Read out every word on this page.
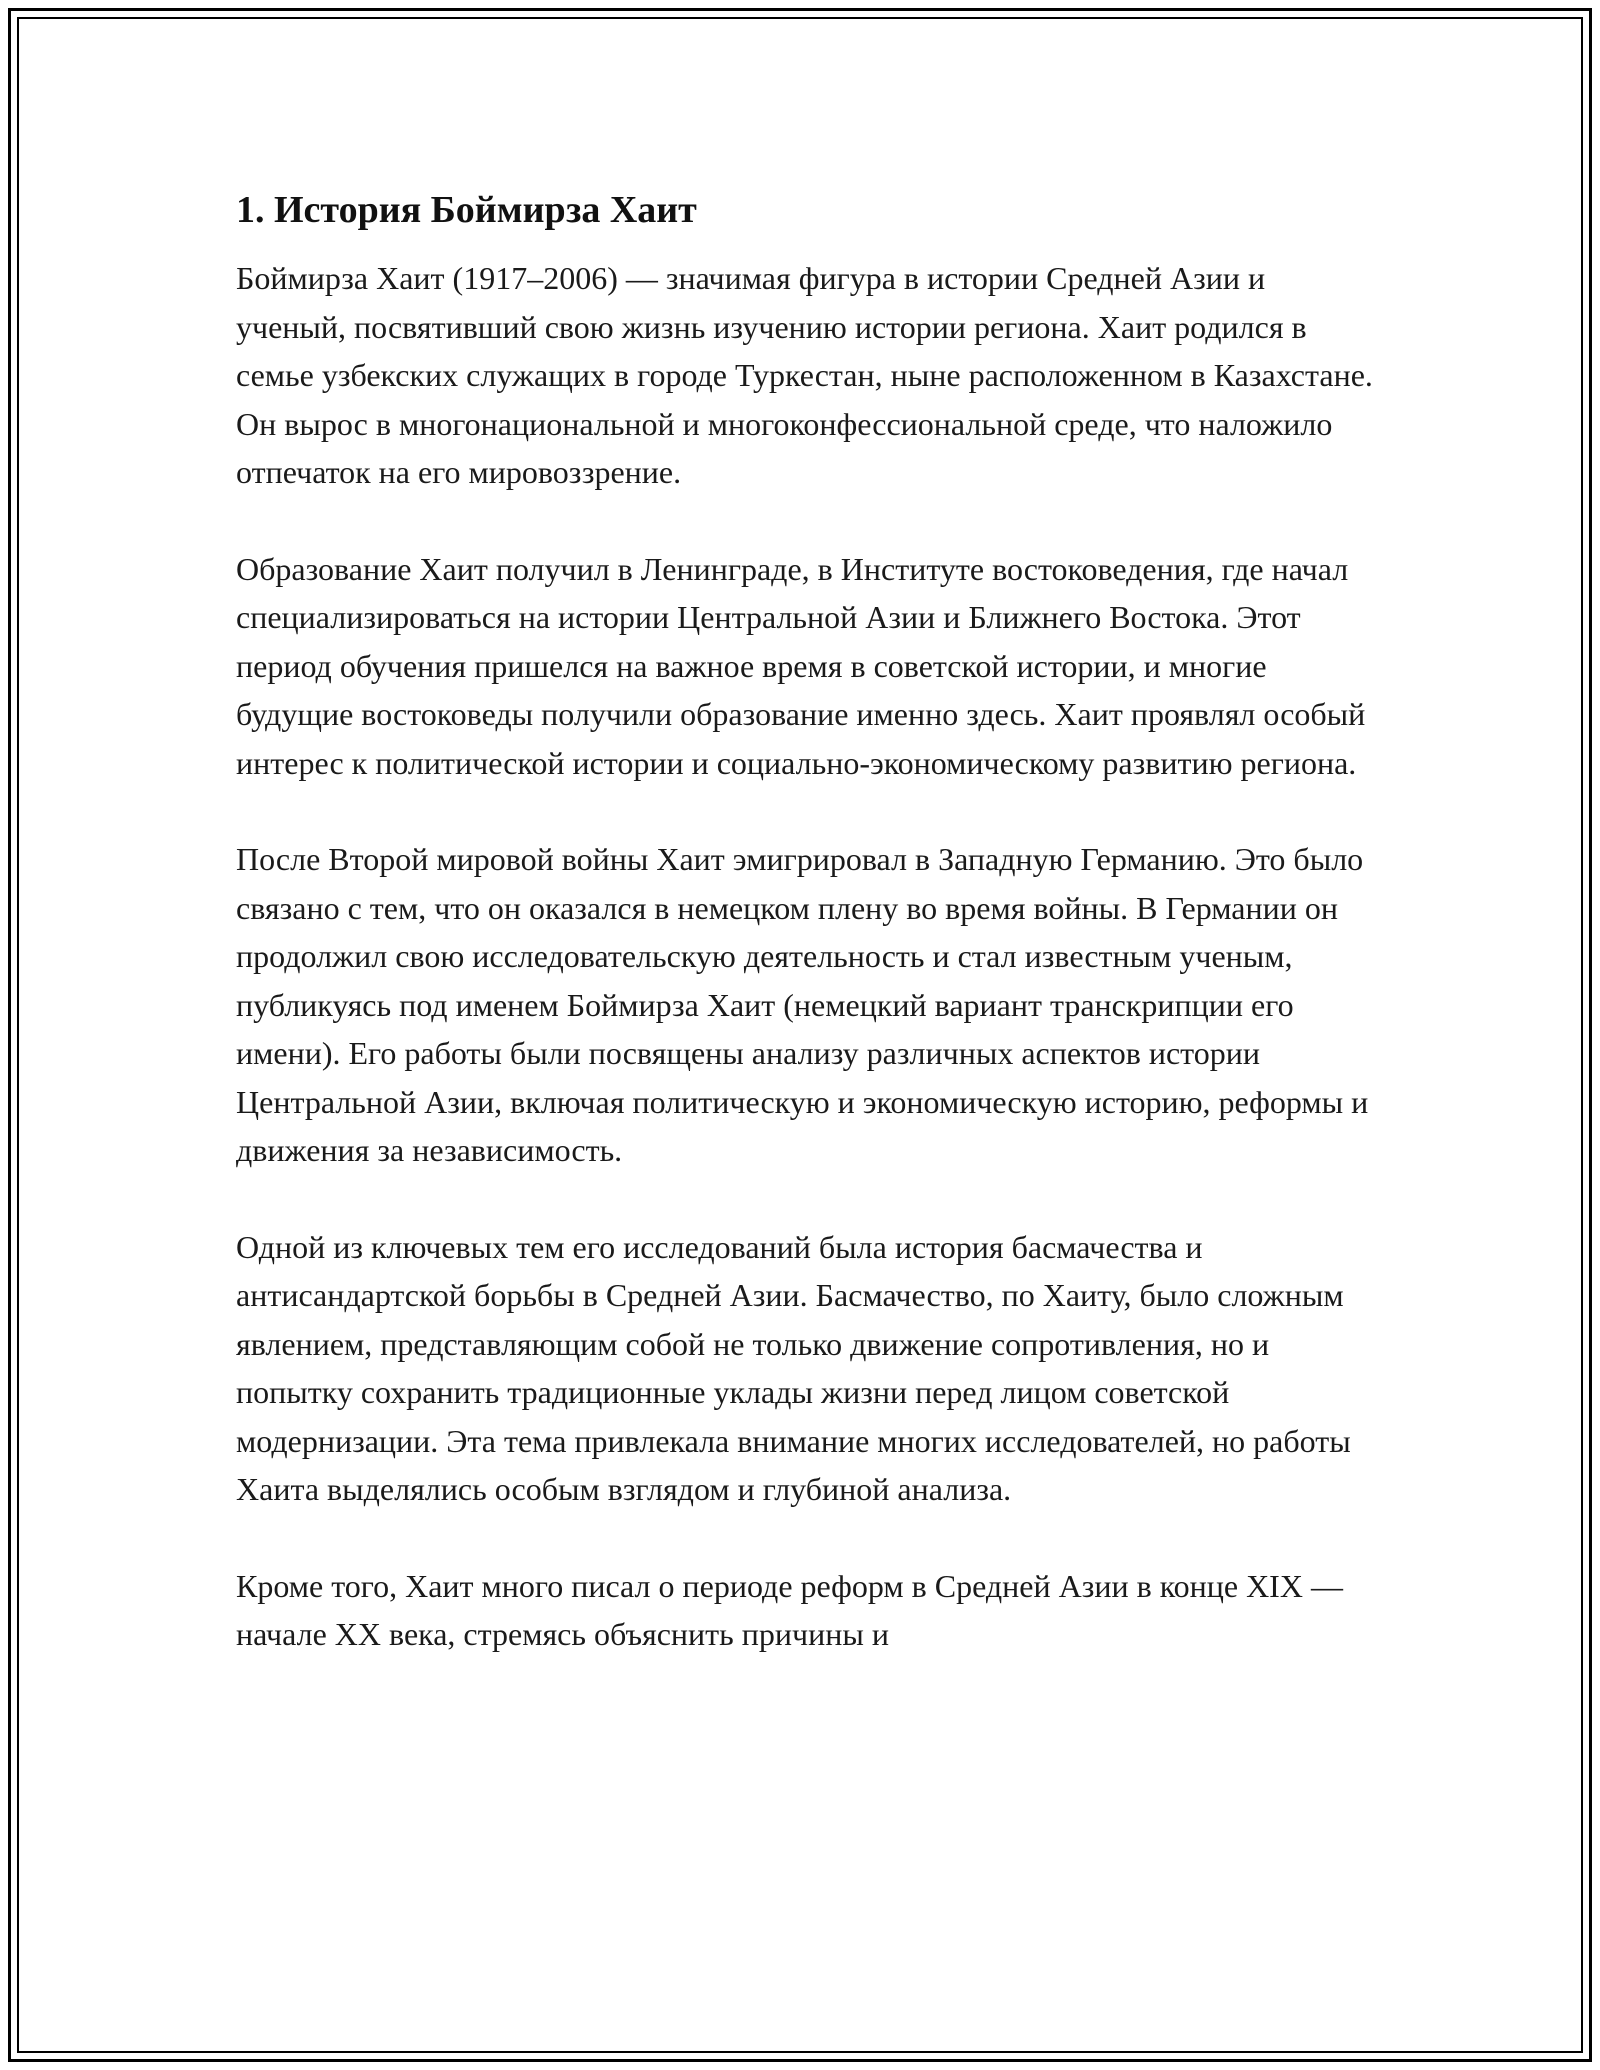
1. История Боймирза Хаит

Боймирза Хаит (1917–2006) — значимая фигура в истории Средней Азии и ученый, посвятивший свою жизнь изучению истории региона. Хаит родился в семье узбекских служащих в городе Туркестан, ныне расположенном в Казахстане. Он вырос в многонациональной и многоконфессиональной среде, что наложило отпечаток на его мировоззрение.

Образование Хаит получил в Ленинграде, в Институте востоковедения, где начал специализироваться на истории Центральной Азии и Ближнего Востока. Этот период обучения пришелся на важное время в советской истории, и многие будущие востоковеды получили образование именно здесь. Хаит проявлял особый интерес к политической истории и социально-экономическому развитию региона.

После Второй мировой войны Хаит эмигрировал в Западную Германию. Это было связано с тем, что он оказался в немецком плену во время войны. В Германии он продолжил свою исследовательскую деятельность и стал известным ученым, публикуясь под именем Боймирза Хаит (немецкий вариант транскрипции его имени). Его работы были посвящены анализу различных аспектов истории Центральной Азии, включая политическую и экономическую историю, реформы и движения за независимость.

Одной из ключевых тем его исследований была история басмачества и антисандартской борьбы в Средней Азии. Басмачество, по Хаиту, было сложным явлением, представляющим собой не только движение сопротивления, но и попытку сохранить традиционные уклады жизни перед лицом советской модернизации. Эта тема привлекала внимание многих исследователей, но работы Хаита выделялись особым взглядом и глубиной анализа.

Кроме того, Хаит много писал о периоде реформ в Средней Азии в конце XIX — начале XX века, стремясь объяснить причины и
